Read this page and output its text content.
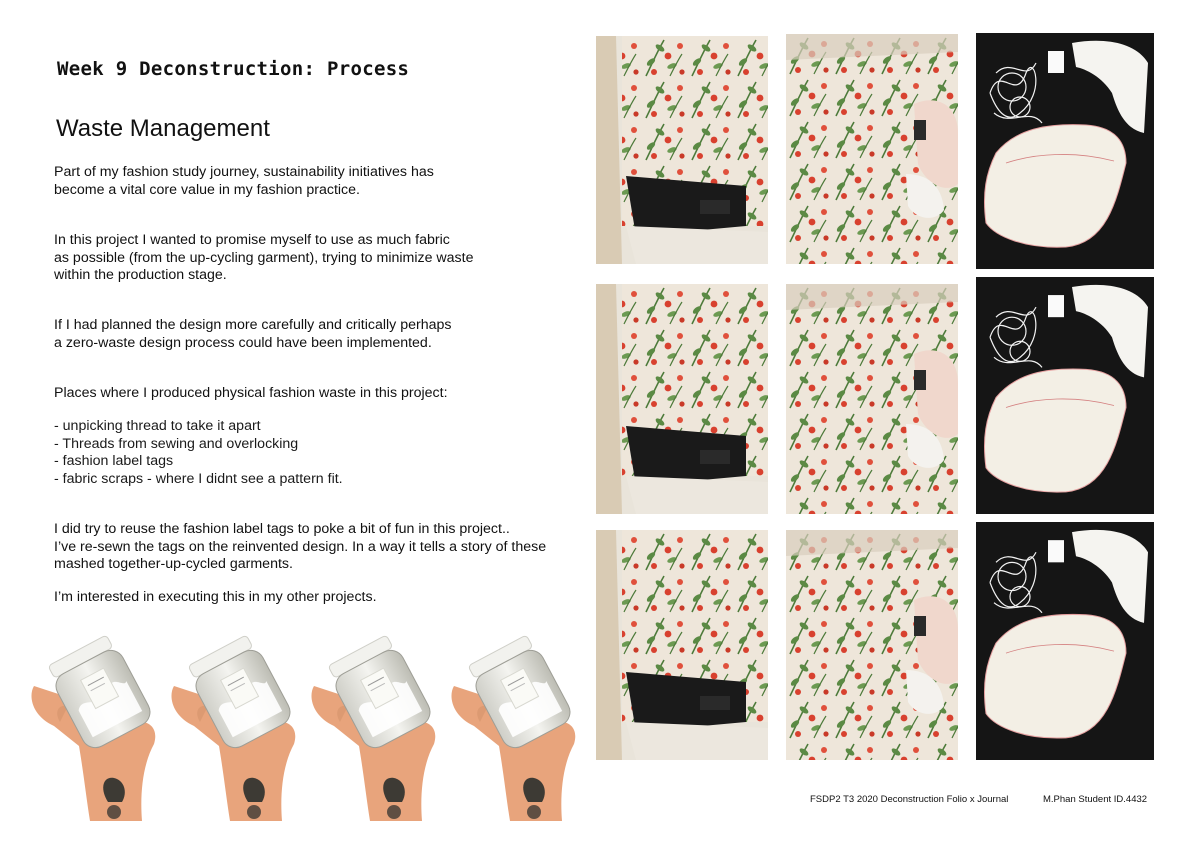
Week 9 Deconstruction: Process
Waste Management
Part of my fashion study journey, sustainability initiatives has
become a vital core value in my fashion practice.
In this project I wanted to promise myself to use as much fabric
as possible (from the up-cycling garment), trying to minimize waste
within the production stage.
If I had planned the design more carefully and critically perhaps
a zero-waste design process could have been implemented.
Places where I produced physical fashion waste in this project:
- unpicking thread to take it apart
- Threads from sewing and overlocking
- fashion label tags
- fabric scraps - where I didnt see a pattern fit.
I did try to reuse the fashion label tags to poke a bit of fun in this project..
I’ve re-sewn the tags on the reinvented design. In a way it tells a story of these
mashed together-up-cycled garments.
I’m interested in executing this in my other projects.
FSDP2 T3 2020 Deconstruction Folio x Journal	M.Phan Student ID.4432
